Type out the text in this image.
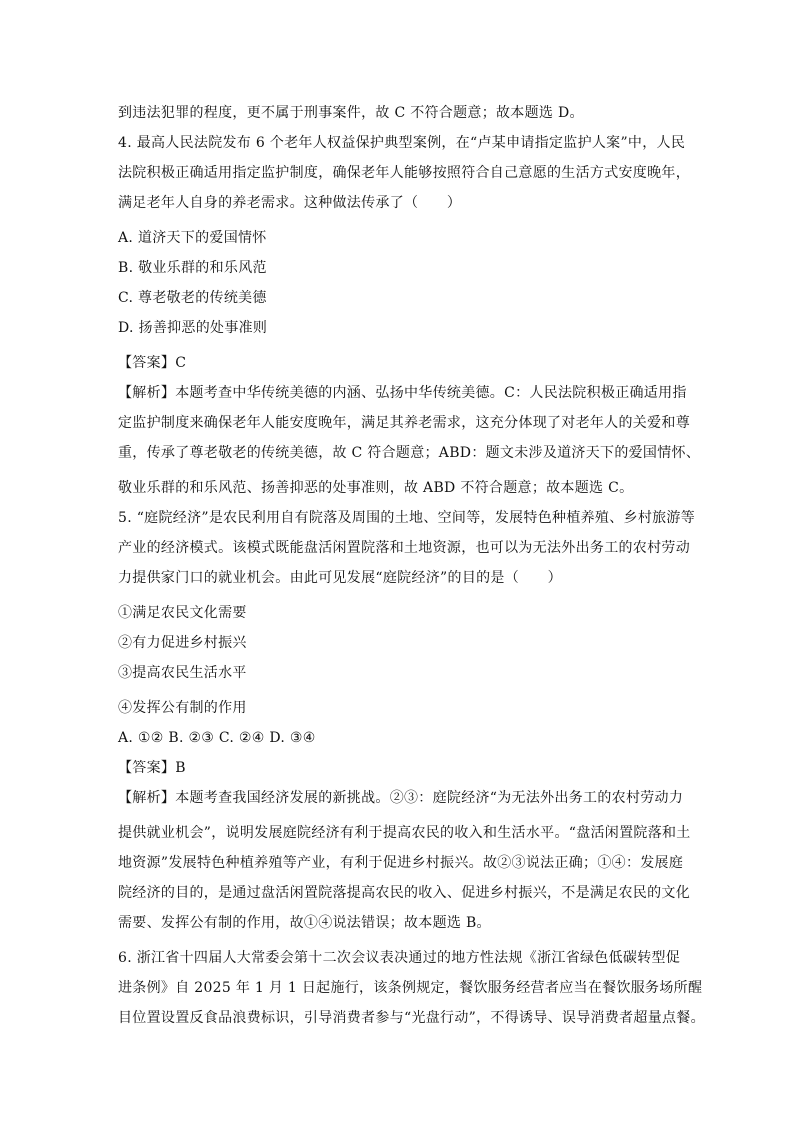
到违法犯罪的程度，更不属于刑事案件，故 C 不符合题意；故本题选 D。
4. 最高人民法院发布 6 个老年人权益保护典型案例，在“卢某申请指定监护人案”中，人民
法院积极正确适用指定监护制度，确保老年人能够按照符合自己意愿的生活方式安度晚年，
满足老年人自身的养老需求。这种做法传承了（　　）
A. 道济天下的爱国情怀
B. 敬业乐群的和乐风范
C. 尊老敬老的传统美德
D. 扬善抑恶的处事准则
【答案】C
【解析】本题考查中华传统美德的内涵、弘扬中华传统美德。C：人民法院积极正确适用指
定监护制度来确保老年人能安度晚年，满足其养老需求，这充分体现了对老年人的关爱和尊
重，传承了尊老敬老的传统美德，故 C 符合题意；ABD：题文未涉及道济天下的爱国情怀、
敬业乐群的和乐风范、扬善抑恶的处事准则，故 ABD 不符合题意；故本题选 C。
5. “庭院经济”是农民利用自有院落及周围的土地、空间等，发展特色种植养殖、乡村旅游等
产业的经济模式。该模式既能盘活闲置院落和土地资源，也可以为无法外出务工的农村劳动
力提供家门口的就业机会。由此可见发展“庭院经济”的目的是（　　）
①满足农民文化需要
②有力促进乡村振兴
③提高农民生活水平
④发挥公有制的作用
A. ①② B. ②③ C. ②④ D. ③④
【答案】B
【解析】本题考查我国经济发展的新挑战。②③：庭院经济“为无法外出务工的农村劳动力
提供就业机会”，说明发展庭院经济有利于提高农民的收入和生活水平。“盘活闲置院落和土
地资源”发展特色种植养殖等产业，有利于促进乡村振兴。故②③说法正确；①④：发展庭
院经济的目的，是通过盘活闲置院落提高农民的收入、促进乡村振兴，不是满足农民的文化
需要、发挥公有制的作用，故①④说法错误；故本题选 B。
6. 浙江省十四届人大常委会第十二次会议表决通过的地方性法规《浙江省绿色低碳转型促
进条例》自 2025 年 1 月 1 日起施行，该条例规定，餐饮服务经营者应当在餐饮服务场所醒
目位置设置反食品浪费标识，引导消费者参与“光盘行动”，不得诱导、误导消费者超量点餐。
